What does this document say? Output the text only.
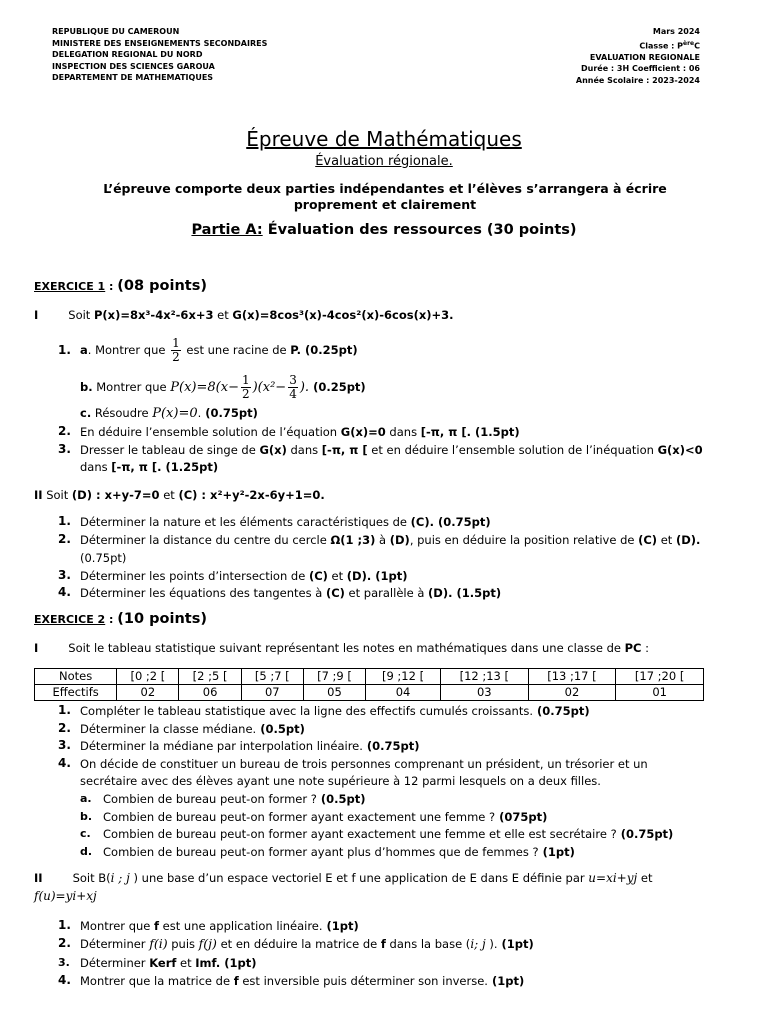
REPUBLIQUE DU CAMEROUN
MINISTERE DES ENSEIGNEMENTS SECONDAIRES
DELEGATION REGIONAL DU NORD
INSPECTION DES SCIENCES GAROUA
DEPARTEMENT DE MATHEMATIQUES
Mars 2024
Classe : $P^{ère}C$
EVALUATION REGIONALE
Durée : 3H Coefficient : 06
Année Scolaire : 2023-2024
Épreuve de Mathématiques
Évaluation régionale.
L’épreuve comporte deux parties indépendantes et l’élèves s’arrangera à écrire proprement et clairement
Partie A: Évaluation des ressources (30 points)
EXERCICE 1 : (08 points)
I	Soit P(x)=8x³-4x²-6x+3 et G(x)=8cos³(x)-4cos²(x)-6cos(x)+3.
1. a. Montrer que $\frac{1}{2}$ est une racine de P. (0.25pt)
b. Montrer que $P(x)=8(x- \frac{1}{2} )(x^2- \frac{3}{4}$ ). (0.25pt)
c. Résoudre P(x)=0. (0.75pt)
2. En déduire l’ensemble solution de l’équation G(x)=0 dans [-π, π [. (1.5pt)
3. Dresser le tableau de singe de G(x) dans [-π, π [ et en déduire l’ensemble solution de l’inéquation G(x)<0
dans [-π, π [. (1.25pt)
II Soit (D) : x+y-7=0 et (C) : x²+y²-2x-6y+1=0.
1. Déterminer la nature et les éléments caractéristiques de (C). (0.75pt)
2. Déterminer la distance du centre du cercle Ω(1 ;3) à (D), puis en déduire la position relative de (C) et (D).
(0.75pt)
3. Déterminer les points d’intersection de (C) et (D). (1pt)
4. Déterminer les équations des tangentes à (C) et parallèle à (D). (1.5pt)
EXERCICE 2 : (10 points)
I	Soit le tableau statistique suivant représentant les notes en mathématiques dans une classe de PC :
Notes	[0 ;2 [	[2 ;5 [	[5 ;7 [	[7 ;9 [	[9 ;12 [	[12 ;13 [	[13 ;17 [	[17 ;20 [
Effectifs	02	06	07	05	04	03	02	01
1. Compléter le tableau statistique avec la ligne des effectifs cumulés croissants. (0.75pt)
2. Déterminer la classe médiane. (0.5pt)
3. Déterminer la médiane par interpolation linéaire. (0.75pt)
4. On décide de constituer un bureau de trois personnes comprenant un président, un trésorier et un
secrétaire avec des élèves ayant une note supérieure à 12 parmi lesquels on a deux filles.
a. Combien de bureau peut-on former ? (0.5pt)
b. Combien de bureau peut-on former ayant exactement une femme ? (075pt)
c. Combien de bureau peut-on former ayant exactement une femme et elle est secrétaire ? (0.75pt)
d. Combien de bureau peut-on former ayant plus d’hommes que de femmes ? (1pt)
II	Soit B(i ; j ) une base d’un espace vectoriel E et f une application de E dans E définie par u=xi+yj et
f(u)=yi+xj
1. Montrer que f est une application linéaire. (1pt)
2. Déterminer f(i) puis f(j) et en déduire la matrice de f dans la base (i; j ). (1pt)
3. Déterminer Kerf et Imf. (1pt)
4. Montrer que la matrice de f est inversible puis déterminer son inverse. (1pt)
